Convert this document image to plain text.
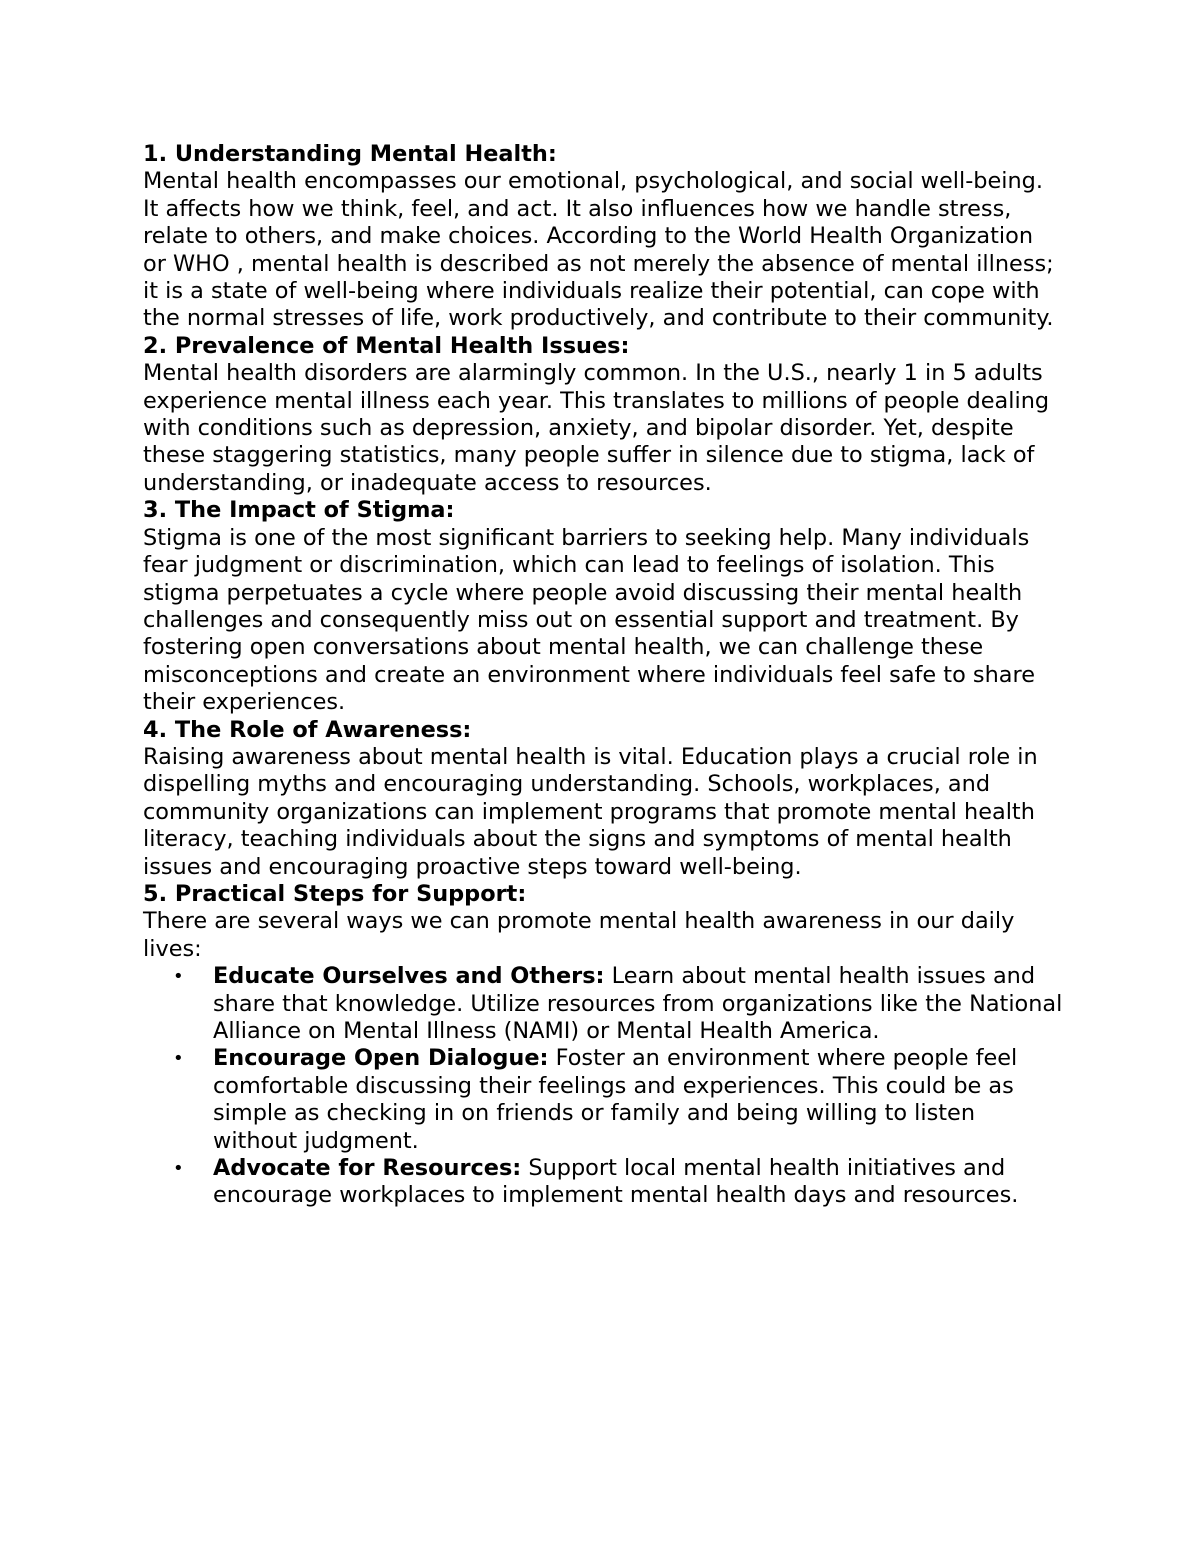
1. Understanding Mental Health:

Mental health encompasses our emotional, psychological, and social well-being. It affects how we think, feel, and act. It also influences how we handle stress, relate to others, and make choices. According to the World Health Organization or WHO , mental health is described as not merely the absence of mental illness; it is a state of well-being where individuals realize their potential, can cope with the normal stresses of life, work productively, and contribute to their community.

2. Prevalence of Mental Health Issues:

Mental health disorders are alarmingly common. In the U.S., nearly 1 in 5 adults experience mental illness each year. This translates to millions of people dealing with conditions such as depression, anxiety, and bipolar disorder. Yet, despite these staggering statistics, many people suffer in silence due to stigma, lack of understanding, or inadequate access to resources.

3. The Impact of Stigma:

Stigma is one of the most significant barriers to seeking help. Many individuals fear judgment or discrimination, which can lead to feelings of isolation. This stigma perpetuates a cycle where people avoid discussing their mental health challenges and consequently miss out on essential support and treatment. By fostering open conversations about mental health, we can challenge these misconceptions and create an environment where individuals feel safe to share their experiences.

4. The Role of Awareness:

Raising awareness about mental health is vital. Education plays a crucial role in dispelling myths and encouraging understanding. Schools, workplaces, and community organizations can implement programs that promote mental health literacy, teaching individuals about the signs and symptoms of mental health issues and encouraging proactive steps toward well-being.

5. Practical Steps for Support:

There are several ways we can promote mental health awareness in our daily lives:

• Educate Ourselves and Others: Learn about mental health issues and share that knowledge. Utilize resources from organizations like the National Alliance on Mental Illness (NAMI) or Mental Health America.
• Encourage Open Dialogue: Foster an environment where people feel comfortable discussing their feelings and experiences. This could be as simple as checking in on friends or family and being willing to listen without judgment.
• Advocate for Resources: Support local mental health initiatives and encourage workplaces to implement mental health days and resources.
